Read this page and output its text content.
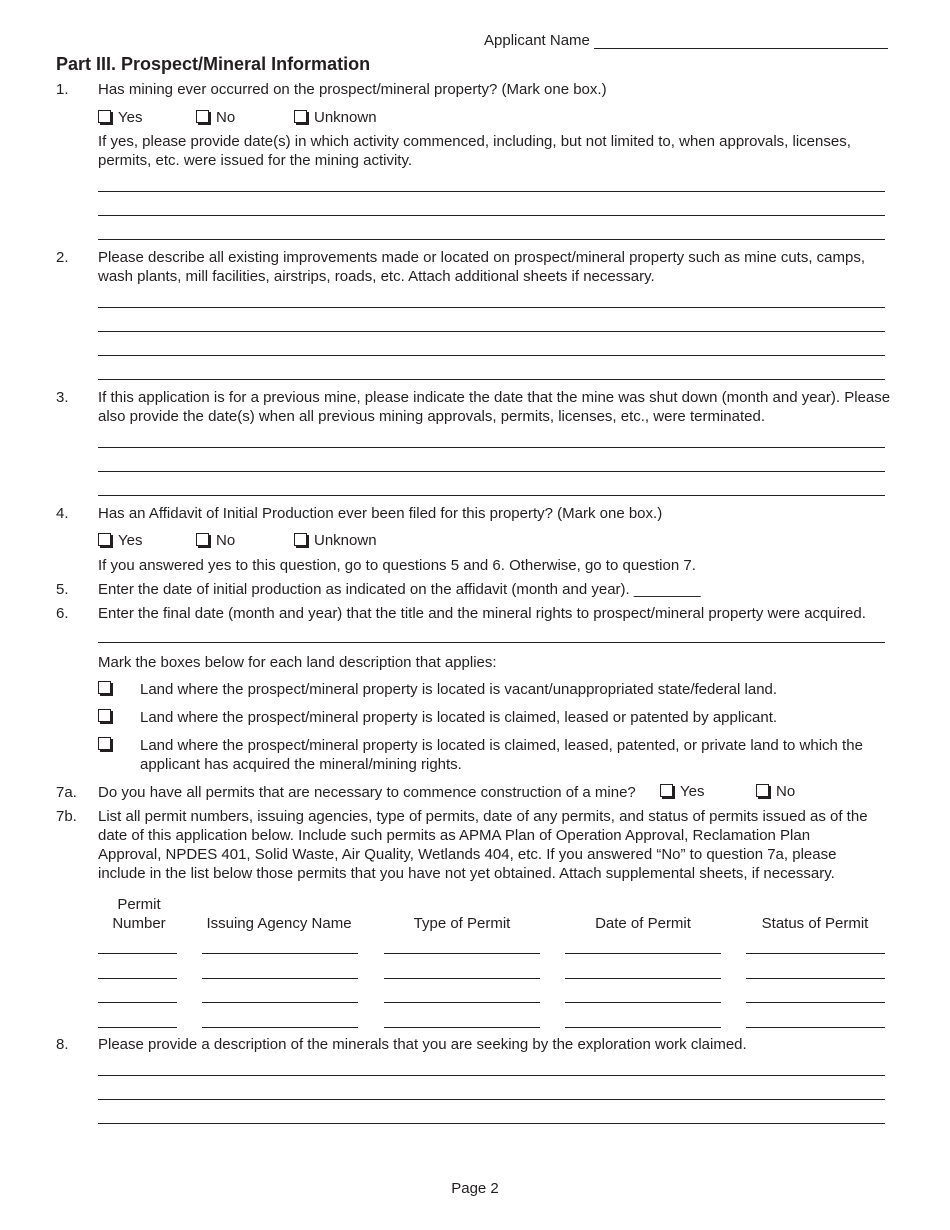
Applicant Name
Part III. Prospect/Mineral Information
1. Has mining ever occurred on the prospect/mineral property? (Mark one box.)
Yes	No	Unknown
If yes, please provide date(s) in which activity commenced, including, but not limited to, when approvals, licenses, permits, etc. were issued for the mining activity.
2. Please describe all existing improvements made or located on prospect/mineral property such as mine cuts, camps, wash plants, mill facilities, airstrips, roads, etc. Attach additional sheets if necessary.
3. If this application is for a previous mine, please indicate the date that the mine was shut down (month and year). Please also provide the date(s) when all previous mining approvals, permits, licenses, etc., were terminated.
4. Has an Affidavit of Initial Production ever been filed for this property? (Mark one box.)
Yes	No	Unknown
If you answered yes to this question, go to questions 5 and 6. Otherwise, go to question 7.
5. Enter the date of initial production as indicated on the affidavit (month and year). ________
6. Enter the final date (month and year) that the title and the mineral rights to prospect/mineral property were acquired.
Mark the boxes below for each land description that applies:
Land where the prospect/mineral property is located is vacant/unappropriated state/federal land.
Land where the prospect/mineral property is located is claimed, leased or patented by applicant.
Land where the prospect/mineral property is located is claimed, leased, patented, or private land to which the applicant has acquired the mineral/mining rights.
7a. Do you have all permits that are necessary to commence construction of a mine?	Yes	No
7b. List all permit numbers, issuing agencies, type of permits, date of any permits, and status of permits issued as of the date of this application below. Include such permits as APMA Plan of Operation Approval, Reclamation Plan Approval, NPDES 401, Solid Waste, Air Quality, Wetlands 404, etc. If you answered “No” to question 7a, please include in the list below those permits that you have not yet obtained. Attach supplemental sheets, if necessary.
Permit
Number	Issuing Agency Name	Type of Permit	Date of Permit	Status of Permit
8. Please provide a description of the minerals that you are seeking by the exploration work claimed.
Page 2
